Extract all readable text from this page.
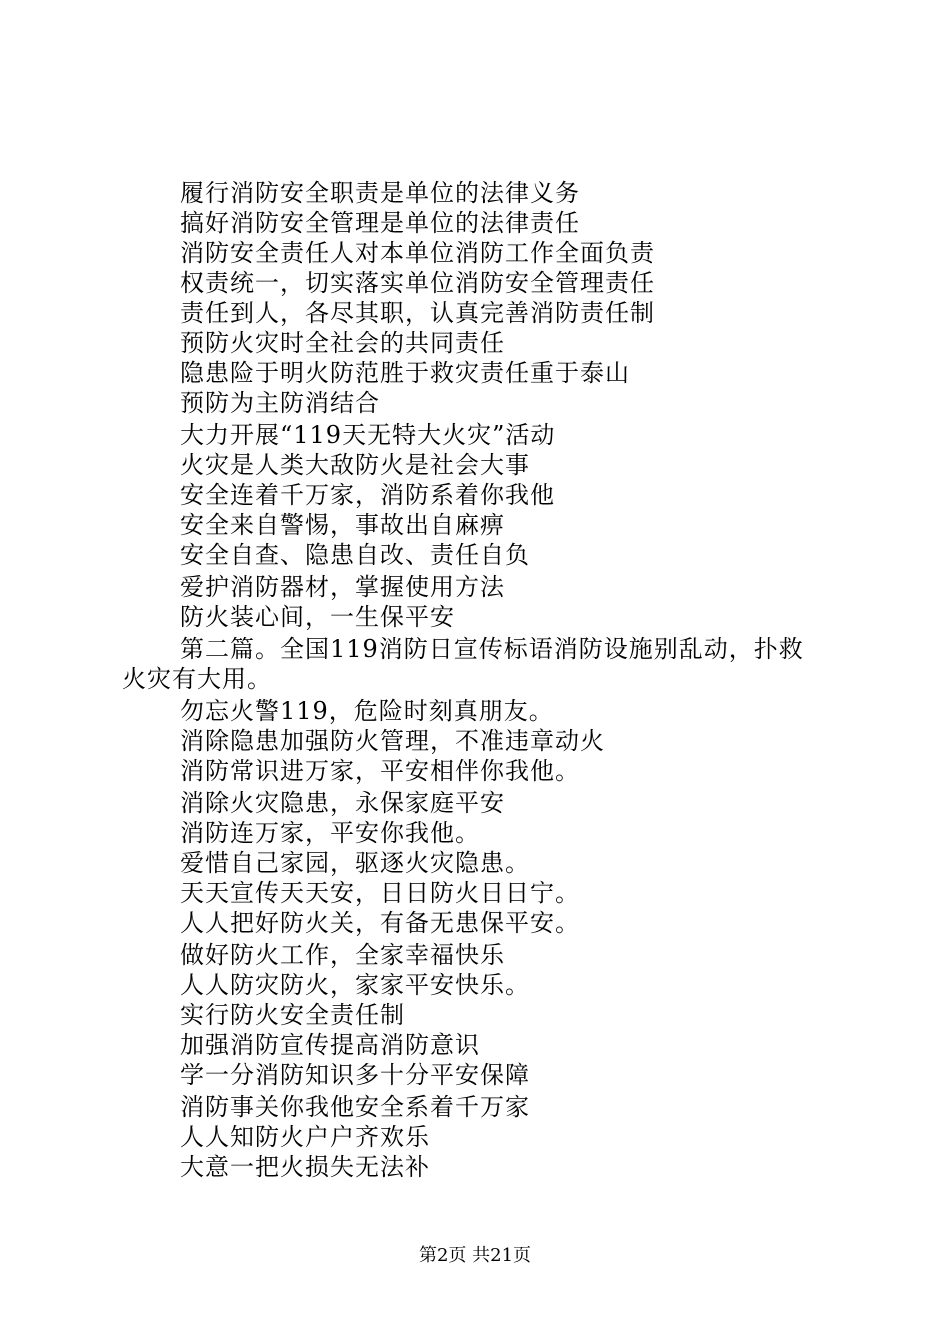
履行消防安全职责是单位的法律义务
搞好消防安全管理是单位的法律责任
消防安全责任人对本单位消防工作全面负责
权责统一，切实落实单位消防安全管理责任
责任到人，各尽其职，认真完善消防责任制
预防火灾时全社会的共同责任
隐患险于明火防范胜于救灾责任重于泰山
预防为主防消结合
大力开展“119天无特大火灾”活动
火灾是人类大敌防火是社会大事
安全连着千万家，消防系着你我他
安全来自警惕，事故出自麻痹
安全自查、隐患自改、责任自负
爱护消防器材，掌握使用方法
防火装心间，一生保平安
第二篇。全国119消防日宣传标语消防设施别乱动，扑救
火灾有大用。
勿忘火警119，危险时刻真朋友。
消除隐患加强防火管理，不准违章动火
消防常识进万家，平安相伴你我他。
消除火灾隐患，永保家庭平安
消防连万家，平安你我他。
爱惜自己家园，驱逐火灾隐患。
天天宣传天天安，日日防火日日宁。
人人把好防火关，有备无患保平安。
做好防火工作，全家幸福快乐
人人防灾防火，家家平安快乐。
实行防火安全责任制
加强消防宣传提高消防意识
学一分消防知识多十分平安保障
消防事关你我他安全系着千万家
人人知防火户户齐欢乐
大意一把火损失无法补
第2页 共21页
